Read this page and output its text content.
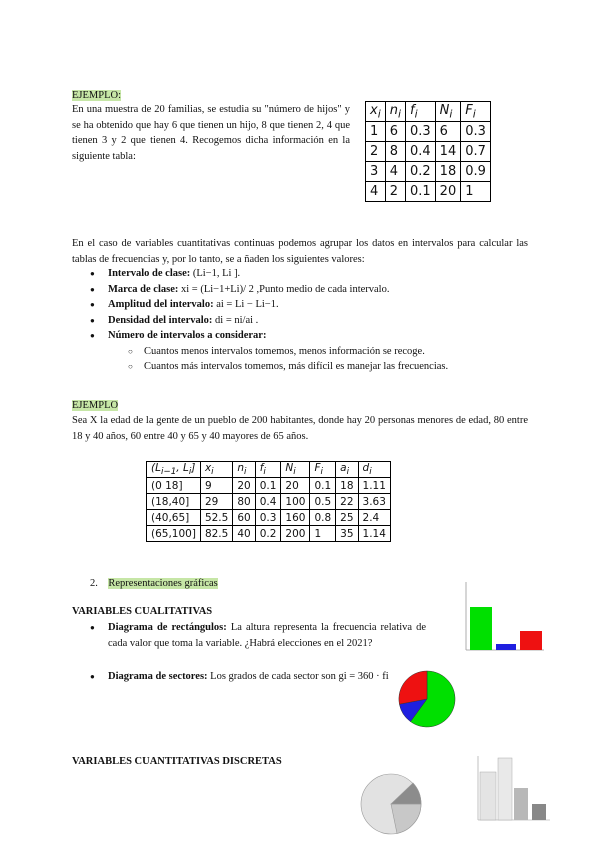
EJEMPLO:
En una muestra de 20 familias, se estudia su "número de hijos" y se ha obtenido que hay 6 que tienen un hijo, 8 que tienen 2, 4 que tienen 3 y 2 que tienen 4. Recogemos dicha información en la siguiente tabla:
$x_i$	$n_i$	$f_i$	$N_i$	$F_i$
1	6	0.3	6	0.3
2	8	0.4	14	0.7
3	4	0.2	18	0.9
4	2	0.1	20	1
En el caso de variables cuantitativas continuas podemos agrupar los datos en intervalos para calcular las tablas de frecuencias y, por lo tanto, se a ñaden los siguientes valores:
● Intervalo de clase: (Li−1, Li ].
● Marca de clase: xi = (Li−1+Li)/ 2 ,Punto medio de cada intervalo.
● Amplitud del intervalo: ai = Li − Li−1.
● Densidad del intervalo: di = ni/ai .
● Número de intervalos a considerar:
○ Cuantos menos intervalos tomemos, menos información se recoge.
○ Cuantos más intervalos tomemos, más difícil es manejar las frecuencias.
EJEMPLO
Sea X la edad de la gente de un pueblo de 200 habitantes, donde hay 20 personas menores de edad, 80 entre 18 y 40 años, 60 entre 40 y 65 y 40 mayores de 65 años.
($L_{i-1}$, $L_i$]	$x_i$	$n_i$	$f_i$	$N_i$	$F_i$	$a_i$	$d_i$
(0 18]	9	20	0.1	20	0.1	18	1.11
(18,40]	29	80	0.4	100	0.5	22	3.63
(40,65]	52.5	60	0.3	160	0.8	25	2.4
(65,100]	82.5	40	0.2	200	1	35	1.14
2. Representaciones gráficas
VARIABLES CUALITATIVAS
● Diagrama de rectángulos: La altura representa la frecuencia relativa de cada valor que toma la variable. ¿Habrá elecciones en el 2021?
● Diagrama de sectores: Los grados de cada sector son gi = 360 · fi
VARIABLES CUANTITATIVAS DISCRETAS
